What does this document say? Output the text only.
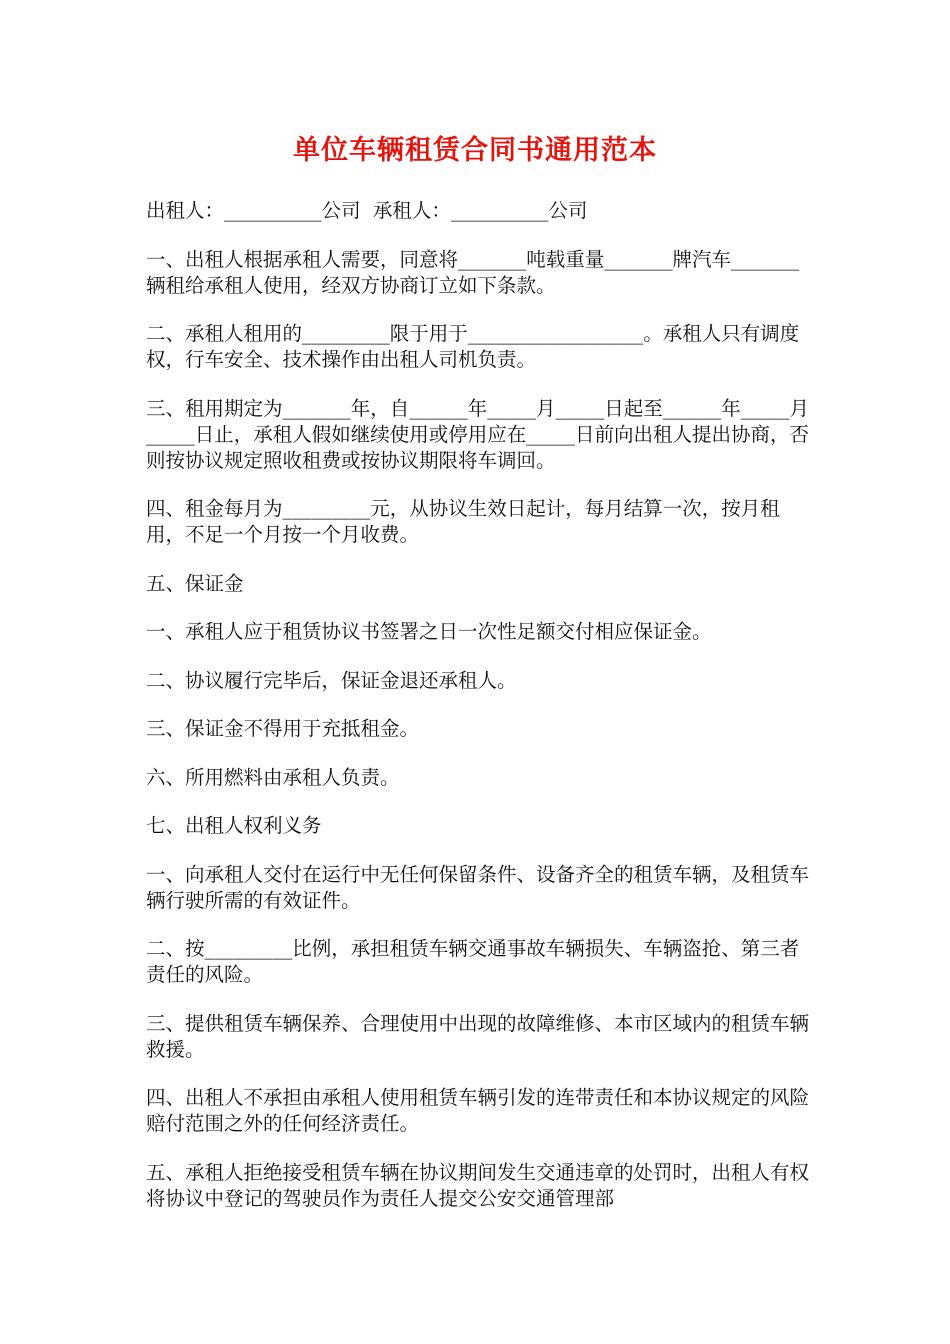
单位车辆租赁合同书通用范本

出租人：__________公司  承租人：__________公司

一、出租人根据承租人需要，同意将_______吨载重量_______牌汽车_______辆租给承租人使用，经双方协商订立如下条款。

二、承租人租用的_________限于用于__________________。承租人只有调度权，行车安全、技术操作由出租人司机负责。

三、租用期定为_______年，自______年_____月_____日起至______年_____月_____日止，承租人假如继续使用或停用应在_____日前向出租人提出协商，否则按协议规定照收租费或按协议期限将车调回。

四、租金每月为_________元，从协议生效日起计，每月结算一次，按月租用，不足一个月按一个月收费。

五、保证金

一、承租人应于租赁协议书签署之日一次性足额交付相应保证金。

二、协议履行完毕后，保证金退还承租人。

三、保证金不得用于充抵租金。

六、所用燃料由承租人负责。

七、出租人权利义务

一、向承租人交付在运行中无任何保留条件、设备齐全的租赁车辆，及租赁车辆行驶所需的有效证件。

二、按_________比例，承担租赁车辆交通事故车辆损失、车辆盗抢、第三者责任的风险。

三、提供租赁车辆保养、合理使用中出现的故障维修、本市区域内的租赁车辆救援。

四、出租人不承担由承租人使用租赁车辆引发的连带责任和本协议规定的风险赔付范围之外的任何经济责任。

五、承租人拒绝接受租赁车辆在协议期间发生交通违章的处罚时，出租人有权将协议中登记的驾驶员作为责任人提交公安交通管理部
